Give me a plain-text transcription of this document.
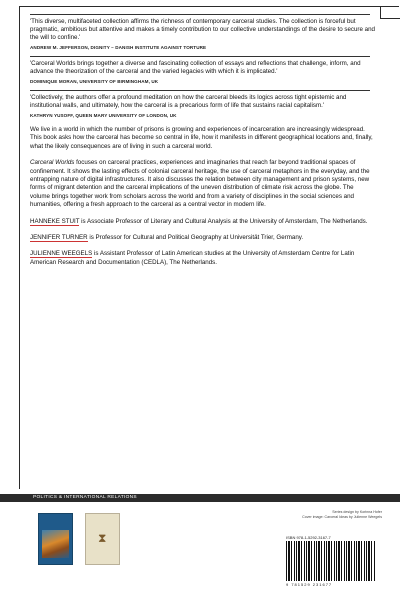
'This diverse, multifaceted collection affirms the richness of contemporary carceral studies. The collection is forceful but pragmatic, ambitious but attentive and makes a timely contribution to our collective understandings of the desire to secure and the will to confine.'
ANDREW M. JEFFERSON, DIGNITY – DANISH INSTITUTE AGAINST TORTURE
'Carceral Worlds brings together a diverse and fascinating collection of essays and reflections that challenge, inform, and advance the theorization of the carceral and the varied legacies with which it is implicated.'
DOMINIQUE MORAN, UNIVERSITY OF BIRMINGHAM, UK
'Collectively, the authors offer a profound meditation on how the carceral bleeds its logics across tight epistemic and institutional walls, and ultimately, how the carceral is a precarious form of life that sustains racial capitalism.'
KATHRYN YUSOFF, QUEEN MARY UNIVERSITY OF LONDON, UK

We live in a world in which the number of prisons is growing and experiences of incarceration are increasingly widespread. This book asks how the carceral has become so central in life, how it manifests in different geographical locations and, finally, what the likely consequences are of living in such a carceral world.

Carceral Worlds focuses on carceral practices, experiences and imaginaries that reach far beyond traditional spaces of confinement. It shows the lasting effects of colonial carceral heritage, the use of carceral metaphors in the everyday, and the entrapping nature of digital infrastructures. It also discusses the relation between city management and prison systems, new forms of migrant detention and the carceral implications of the uneven distribution of climate risk across the globe. The volume brings together work from scholars across the world and from a variety of disciplines in the social sciences and humanities, offering a fresh approach to the carceral as a central vector in modern life.

HANNEKE STUIT is Associate Professor of Literary and Cultural Analysis at the University of Amsterdam, The Netherlands.
JENNIFER TURNER is Professor for Cultural and Political Geography at Universität Trier, Germany.
JULIENNE WEEGELS is Assistant Professor of Latin American studies at the University of Amsterdam Centre for Latin American Research and Documentation (CEDLA), The Netherlands.
POLITICS & INTERNATIONAL RELATIONS
⧗
Series design by Korinna Hofer
Cover image: Carceral Ideas by Julienne Weegels
ISBN 978-1-5292-3167-7
9 781529 231677
